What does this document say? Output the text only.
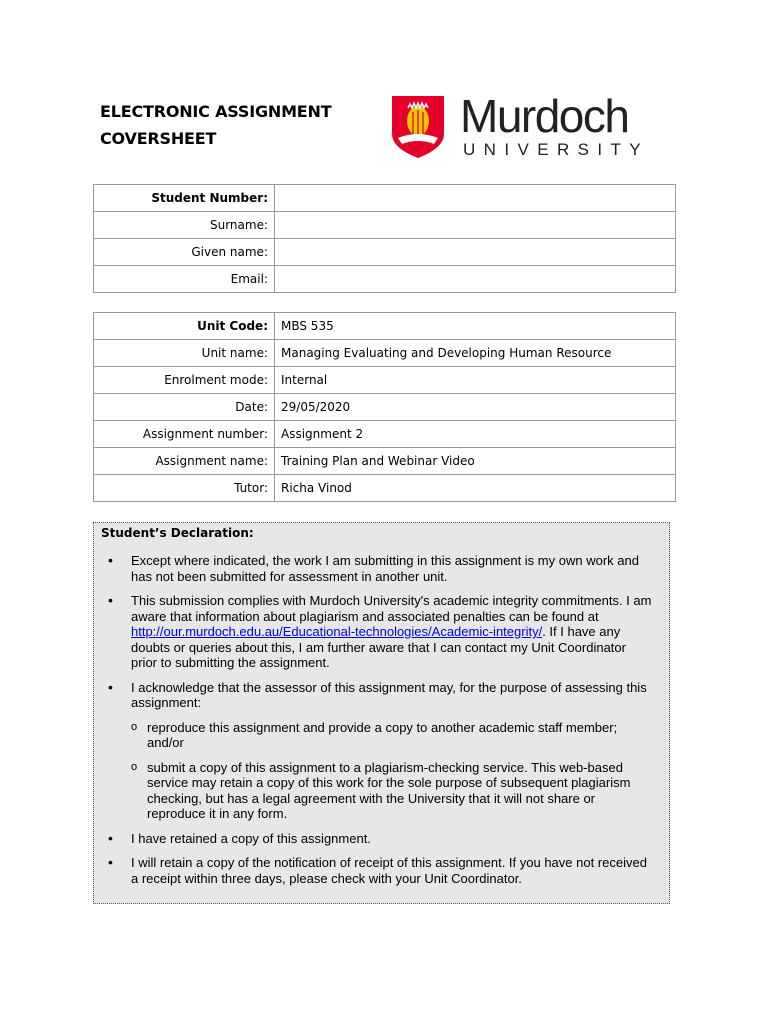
ELECTRONIC ASSIGNMENT
COVERSHEET	Murdoch
UNIVERSITY
Student Number:	
Surname:	
Given name:	
Email:	
Unit Code:	MBS 535
Unit name:	Managing Evaluating and Developing Human Resource
Enrolment mode:	Internal
Date:	29/05/2020
Assignment number:	Assignment 2
Assignment name:	Training Plan and Webinar Video
Tutor:	Richa Vinod
Student’s Declaration:
• Except where indicated, the work I am submitting in this assignment is my own work and has not been submitted for assessment in another unit.
• This submission complies with Murdoch University's academic integrity commitments. I am aware that information about plagiarism and associated penalties can be found at http://our.murdoch.edu.au/Educational-technologies/Academic-integrity/. If I have any doubts or queries about this, I am further aware that I can contact my Unit Coordinator prior to submitting the assignment.
• I acknowledge that the assessor of this assignment may, for the purpose of assessing this assignment:
o reproduce this assignment and provide a copy to another academic staff member; and/or
o submit a copy of this assignment to a plagiarism-checking service. This web-based service may retain a copy of this work for the sole purpose of subsequent plagiarism checking, but has a legal agreement with the University that it will not share or reproduce it in any form.
• I have retained a copy of this assignment.
• I will retain a copy of the notification of receipt of this assignment. If you have not received a receipt within three days, please check with your Unit Coordinator.
